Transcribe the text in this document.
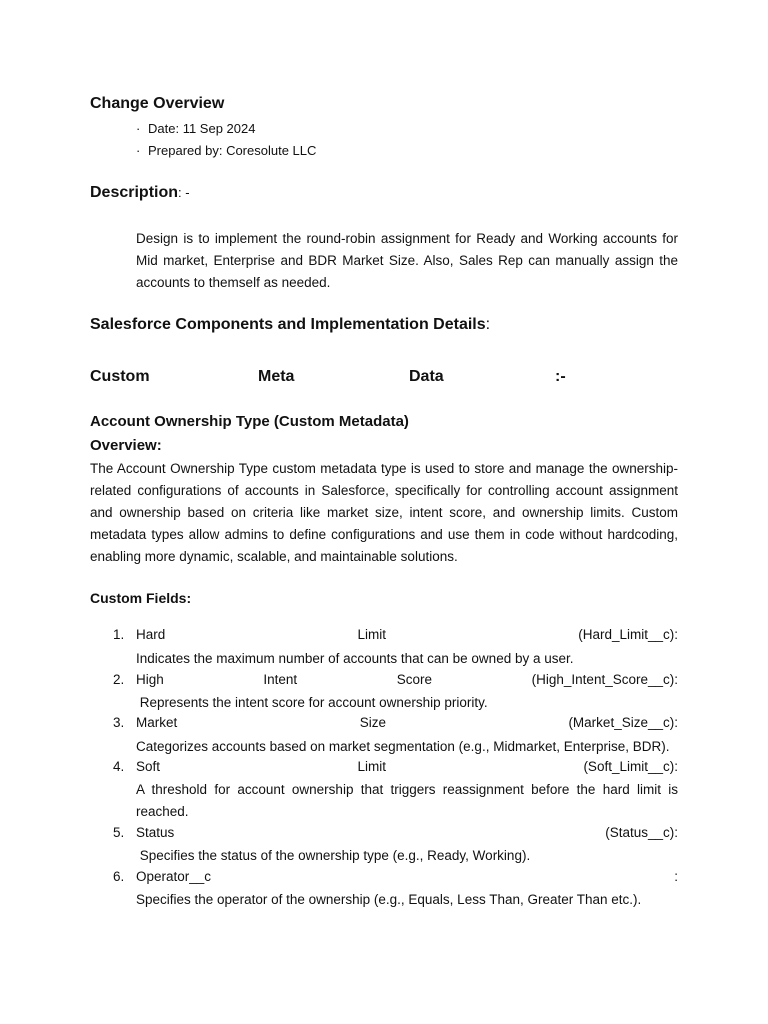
Change Overview
· Date:
11 Sep 2024
· Prepared by:
Coresolute LLC
Description: -
Design is to implement the round-robin assignment for Ready and Working accounts for Mid market, Enterprise and BDR Market Size. Also, Sales Rep can manually assign the accounts to themself as needed.
Salesforce Components and Implementation Details:
Custom	Meta	Data	:-
Account Ownership Type (Custom Metadata)
Overview:
The Account Ownership Type custom metadata type is used to store and manage the ownership-related configurations of accounts in Salesforce, specifically for controlling account assignment and ownership based on criteria like market size, intent score, and ownership limits. Custom metadata types allow admins to define configurations and use them in code without hardcoding, enabling more dynamic, scalable, and maintainable solutions.
Custom Fields:
1. Hard	Limit	(Hard_Limit__c):
Indicates the maximum number of accounts that can be owned by a user.
2. High	Intent	Score	(High_Intent_Score__c):
Represents the intent score for account ownership priority.
3. Market	Size	(Market_Size__c):
Categorizes accounts based on market segmentation (e.g., Midmarket, Enterprise, BDR).
4. Soft	Limit	(Soft_Limit__c):
A threshold for account ownership that triggers reassignment before the hard limit is reached.
5. Status	(Status__c):
Specifies the status of the ownership type (e.g., Ready, Working).
6. Operator__c	:
Specifies the operator of the ownership (e.g., Equals, Less Than, Greater Than etc.).
